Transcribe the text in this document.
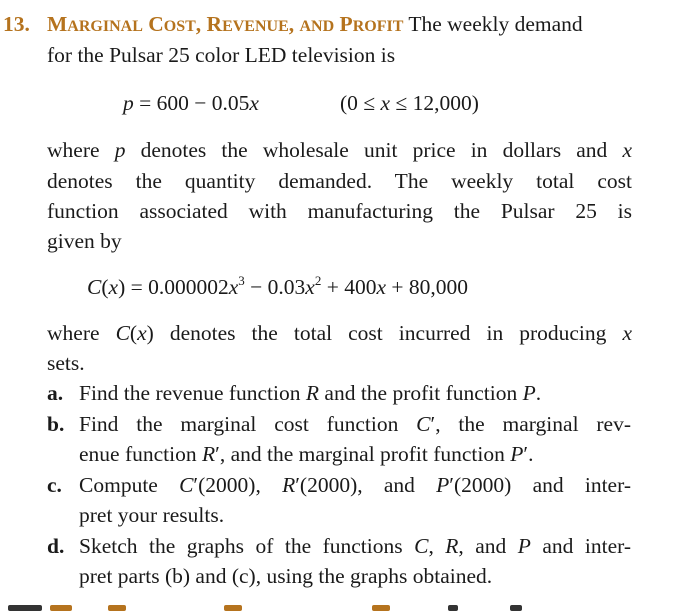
13. MARGINAL COST, REVENUE, AND PROFIT The weekly demand
for the Pulsar 25 color LED television is
p = 600 − 0.05x	(0 ≤ x ≤ 12,000)
where p denotes the wholesale unit price in dollars and x
denotes the quantity demanded. The weekly total cost
function associated with manufacturing the Pulsar 25 is
given by
$C(x) = 0.000002x^3 - 0.03x^2 + 400x + 80,000$
where C(x) denotes the total cost incurred in producing x
sets.
a. Find the revenue function R and the profit function P.
b. Find the marginal cost function C′, the marginal rev-
enue function R′, and the marginal profit function P′.
c. Compute C′(2000), R′(2000), and P′(2000) and inter-
pret your results.
d. Sketch the graphs of the functions C, R, and P and inter-
pret parts (b) and (c), using the graphs obtained.
